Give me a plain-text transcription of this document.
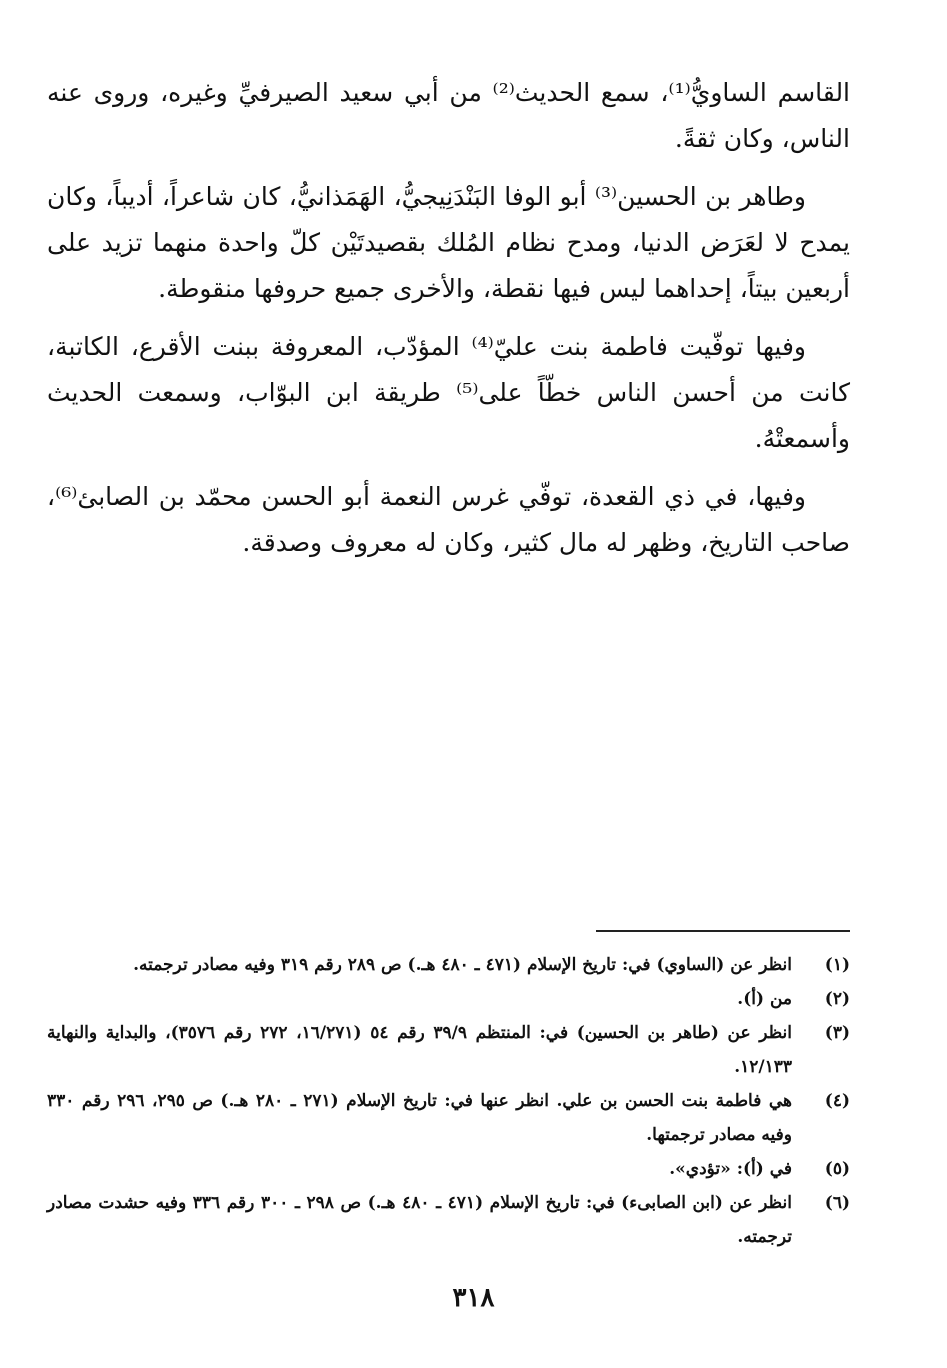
القاسم الساويُّ⁽¹⁾، سمع الحديث⁽²⁾ من أبي سعيد الصيرفيِّ وغيره، وروى عنه الناس، وكان ثقةً.

وطاهر بن الحسين⁽³⁾ أبو الوفا البَنْدَنِيجيُّ، الهَمَذانيُّ، كان شاعراً، أديباً، وكان يمدح لا لعَرَض الدنيا، ومدح نظام المُلك بقصيدتَيْن كلّ واحدة منهما تزيد على أربعين بيتاً، إحداهما ليس فيها نقطة، والأخرى جميع حروفها منقوطة.

وفيها توفّيت فاطمة بنت عليّ⁽⁴⁾ المؤدّب، المعروفة ببنت الأقرع، الكاتبة، كانت من أحسن الناس خطّاً على⁽⁵⁾ طريقة ابن البوّاب، وسمعت الحديث وأسمعتْهُ.

وفيها، في ذي القعدة، توفّي غرس النعمة أبو الحسن محمّد بن الصابئ⁽⁶⁾، صاحب التاريخ، وظهر له مال كثير، وكان له معروف وصدقة.

(١)
انظر عن (الساوي) في: تاريخ الإسلام (٤٧١ ـ ٤٨٠ هـ.) ص ٢٨٩ رقم ٣١٩ وفيه مصادر ترجمته.
(٢)
من (أ).
(٣)
انظر عن (طاهر بن الحسين) في: المنتظم ٣٩/٩ رقم ٥٤ (١٦/٢٧١، ٢٧٢ رقم ٣٥٧٦)، والبداية والنهاية ١٢/١٣٣.
(٤)
هي فاطمة بنت الحسن بن علي. انظر عنها في: تاريخ الإسلام (٢٧١ ـ ٢٨٠ هـ.) ص ٢٩٥، ٢٩٦ رقم ٣٣٠ وفيه مصادر ترجمتها.
(٥)
في (أ): «تؤدي».
(٦)
انظر عن (ابن الصابىء) في: تاريخ الإسلام (٤٧١ ـ ٤٨٠ هـ.) ص ٢٩٨ ـ ٣٠٠ رقم ٣٣٦ وفيه حشدت مصادر ترجمته.
٣١٨
